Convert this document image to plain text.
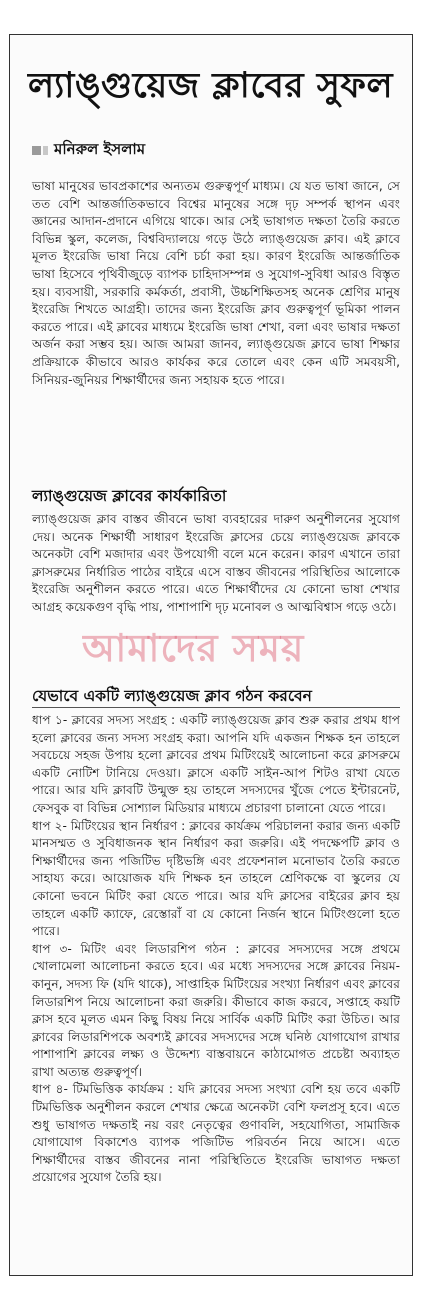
ল্যাঙ্গুয়েজ ক্লাবের সুফল
মনিরুল ইসলাম

ভাষা মানুষের ভাবপ্রকাশের অন্যতম গুরুত্বপূর্ণ মাধ্যম। যে যত ভাষা জানে, সে তত বেশি আন্তর্জাতিকভাবে বিশ্বের মানুষের সঙ্গে দৃঢ় সম্পর্ক স্থাপন এবং জ্ঞানের আদান-প্রদানে এগিয়ে থাকে। আর সেই ভাষাগত দক্ষতা তৈরি করতে বিভিন্ন স্কুল, কলেজ, বিশ্ববিদ্যালয়ে গড়ে উঠে ল্যাঙ্গুয়েজ ক্লাব। এই ক্লাবে মূলত ইংরেজি ভাষা নিয়ে বেশি চর্চা করা হয়। কারণ ইংরেজি আন্তর্জাতিক ভাষা হিসেবে পৃথিবীজুড়ে ব্যাপক চাহিদাসম্পন্ন ও সুযোগ-সুবিধা আরও বিস্তৃত হয়। ব্যবসায়ী, সরকারি কর্মকর্তা, প্রবাসী, উচ্চশিক্ষিতসহ অনেক শ্রেণির মানুষ ইংরেজি শিখতে আগ্রহী। তাদের জন্য ইংরেজি ক্লাব গুরুত্বপূর্ণ ভূমিকা পালন করতে পারে। এই ক্লাবের মাধ্যমে ইংরেজি ভাষা শেখা, বলা এবং ভাষার দক্ষতা অর্জন করা সম্ভব হয়। আজ আমরা জানব, ল্যাঙ্গুয়েজ ক্লাবে ভাষা শিক্ষার প্রক্রিয়াকে কীভাবে আরও কার্যকর করে তোলে এবং কেন এটি সমবয়সী, সিনিয়র-জুনিয়র শিক্ষার্থীদের জন্য সহায়ক হতে পারে।

ল্যাঙ্গুয়েজ ক্লাবের কার্যকারিতা

ল্যাঙ্গুয়েজ ক্লাব বাস্তব জীবনে ভাষা ব্যবহারের দারুণ অনুশীলনের সুযোগ দেয়। অনেক শিক্ষার্থী সাধারণ ইংরেজি ক্লাসের চেয়ে ল্যাঙ্গুয়েজ ক্লাবকে অনেকটা বেশি মজাদার এবং উপযোগী বলে মনে করেন। কারণ এখানে তারা ক্লাসরুমের নির্ধারিত পাঠের বাইরে এসে বাস্তব জীবনের পরিস্থিতির আলোকে ইংরেজি অনুশীলন করতে পারে। এতে শিক্ষার্থীদের যে কোনো ভাষা শেখার আগ্রহ কয়েকগুণ বৃদ্ধি পায়, পাশাপাশি দৃঢ় মনোবল ও আত্মবিশ্বাস গড়ে ওঠে।

আমাদের সময়
যেভাবে একটি ল্যাঙ্গুয়েজ ক্লাব গঠন করবেন

ধাপ ১- ক্লাবের সদস্য সংগ্রহ : একটি ল্যাঙ্গুয়েজ ক্লাব শুরু করার প্রথম ধাপ হলো ক্লাবের জন্য সদস্য সংগ্রহ করা। আপনি যদি একজন শিক্ষক হন তাহলে সবচেয়ে সহজ উপায় হলো ক্লাবের প্রথম মিটিংয়েই আলোচনা করে ক্লাসরুমে একটি নোটিশ টানিয়ে দেওয়া। ক্লাসে একটি সাইন-আপ শিটও রাখা যেতে পারে। আর যদি ক্লাবটি উন্মুক্ত হয় তাহলে সদস্যদের খুঁজে পেতে ইন্টারনেট, ফেসবুক বা বিভিন্ন সোশ্যাল মিডিয়ার মাধ্যমে প্রচারণা চালানো যেতে পারে।
ধাপ ২- মিটিংয়ের স্থান নির্ধারণ : ক্লাবের কার্যক্রম পরিচালনা করার জন্য একটি মানসম্মত ও সুবিধাজনক স্থান নির্ধারণ করা জরুরি। এই পদক্ষেপটি ক্লাব ও শিক্ষার্থীদের জন্য পজিটিভ দৃষ্টিভঙ্গি এবং প্রফেশনাল মনোভাব তৈরি করতে সাহায্য করে। আয়োজক যদি শিক্ষক হন তাহলে শ্রেণিকক্ষে বা স্কুলের যে কোনো ভবনে মিটিং করা যেতে পারে। আর যদি ক্লাসের বাইরের ক্লাব হয় তাহলে একটি ক্যাফে, রেস্তোরাঁ বা যে কোনো নির্জন স্থানে মিটিংগুলো হতে পারে।
ধাপ ৩- মিটিং এবং লিডারশিপ গঠন : ক্লাবের সদস্যদের সঙ্গে প্রথমে খোলামেলা আলোচনা করতে হবে। এর মধ্যে সদস্যদের সঙ্গে ক্লাবের নিয়ম-কানুন, সদস্য ফি (যদি থাকে), সাপ্তাহিক মিটিংয়ের সংখ্যা নির্ধারণ এবং ক্লাবের লিডারশিপ নিয়ে আলোচনা করা জরুরি। কীভাবে কাজ করবে, সপ্তাহে কয়টি ক্লাস হবে মূলত এমন কিছু বিষয় নিয়ে সার্বিক একটি মিটিং করা উচিত। আর ক্লাবের লিডারশিপকে অবশ্যই ক্লাবের সদস্যদের সঙ্গে ঘনিষ্ঠ যোগাযোগ রাখার পাশাপাশি ক্লাবের লক্ষ্য ও উদ্দেশ্য বাস্তবায়নে কাঠামোগত প্রচেষ্টা অব্যাহত রাখা অত্যন্ত গুরুত্বপূর্ণ।
ধাপ ৪- টিমভিত্তিক কার্যক্রম : যদি ক্লাবের সদস্য সংখ্যা বেশি হয় তবে একটি টিমভিত্তিক অনুশীলন করলে শেখার ক্ষেত্রে অনেকটা বেশি ফলপ্রসূ হবে। এতে শুধু ভাষাগত দক্ষতাই নয় বরং নেতৃত্বের গুণাবলি, সহযোগিতা, সামাজিক যোগাযোগ বিকাশেও ব্যাপক পজিটিভ পরিবর্তন নিয়ে আসে। এতে শিক্ষার্থীদের বাস্তব জীবনের নানা পরিস্থিতিতে ইংরেজি ভাষাগত দক্ষতা প্রয়োগের সুযোগ তৈরি হয়।
